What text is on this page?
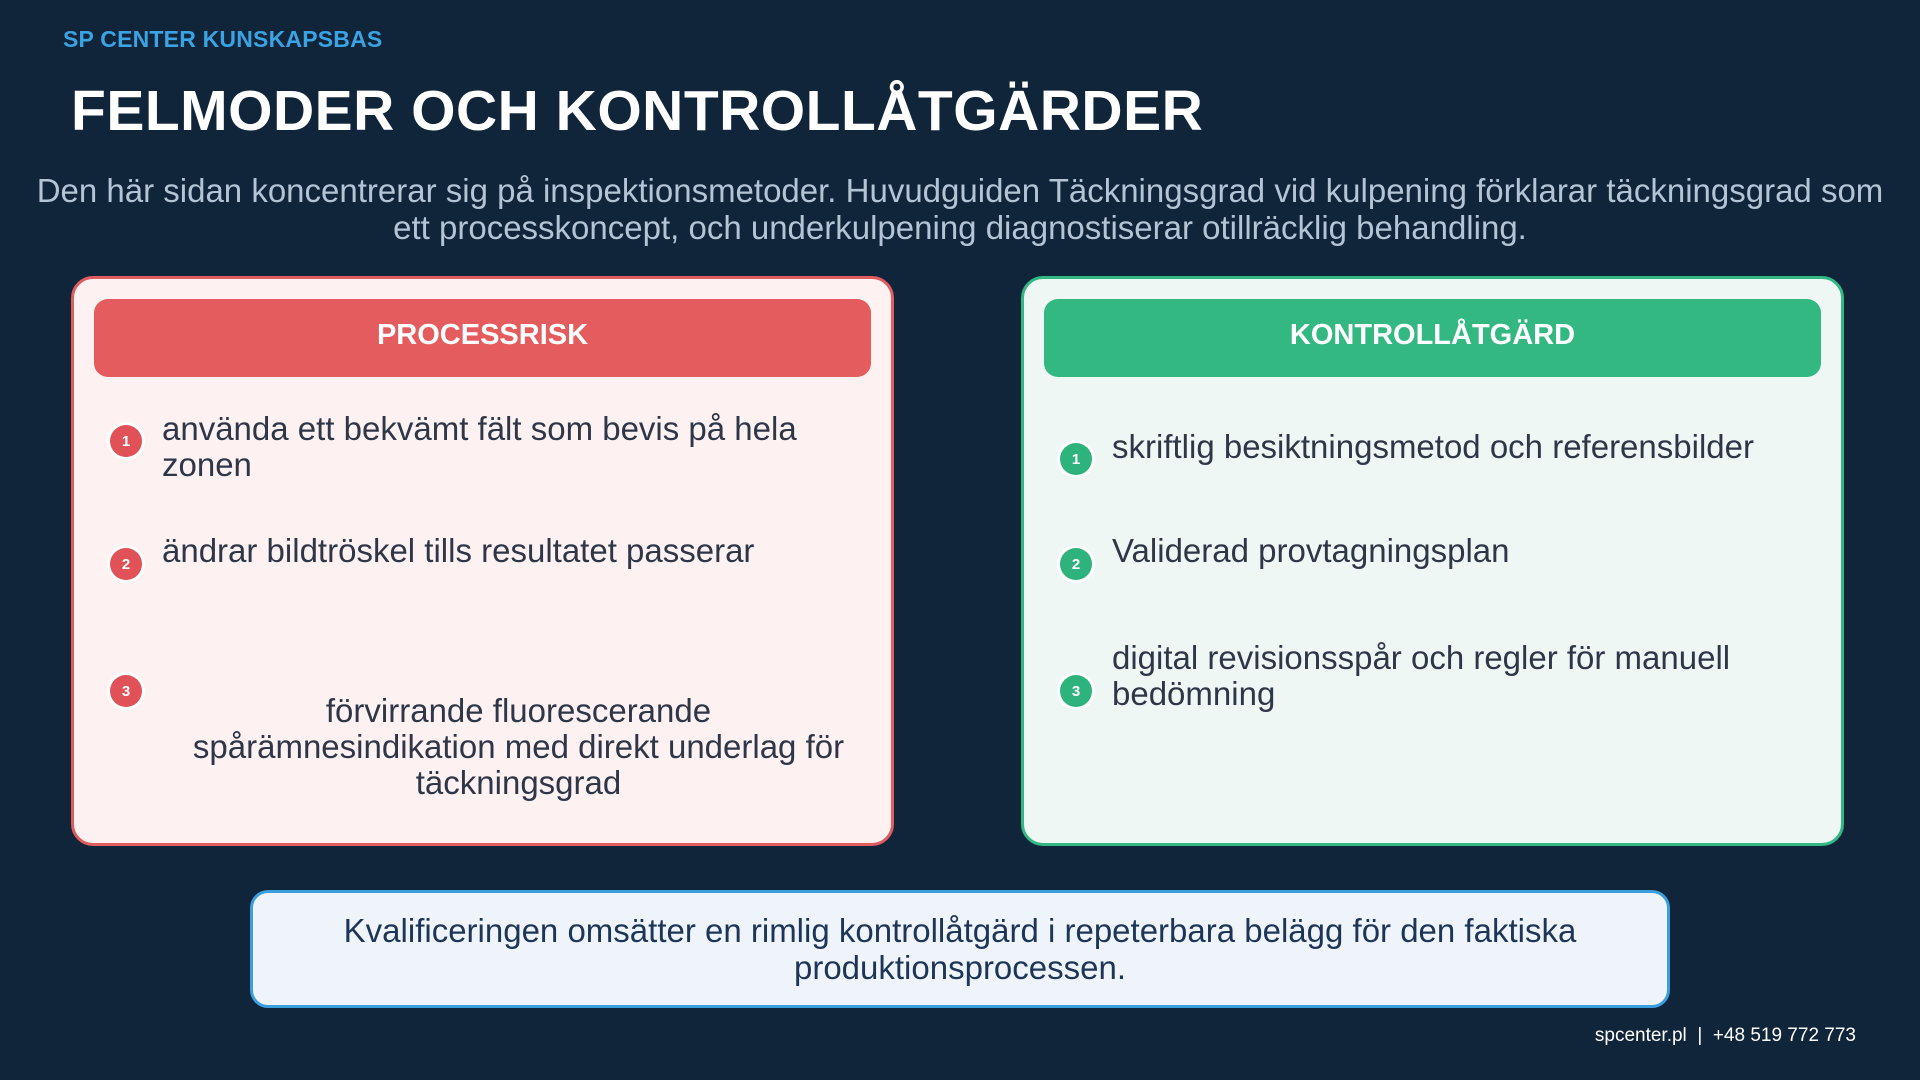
SP CENTER KUNSKAPSBAS
FELMODER OCH KONTROLLÅTGÄRDER
Den här sidan koncentrerar sig på inspektionsmetoder. Huvudguiden Täckningsgrad vid kulpening förklarar täckningsgrad som ett processkoncept, och underkulpening diagnostiserar otillräcklig behandling.
PROCESSRISK
1 använda ett bekvämt fält som bevis på hela zonen
2 ändrar bildtröskel tills resultatet passerar
3
förvirrande fluorescerande spårämnesindikation med direkt underlag för täckningsgrad
KONTROLLÅTGÄRD
1 skriftlig besiktningsmetod och referensbilder
2 Validerad provtagningsplan
3
digital revisionsspår och regler för manuell bedömning
Kvalificeringen omsätter en rimlig kontrollåtgärd i repeterbara belägg för den faktiska produktionsprocessen.
spcenter.pl  |  +48 519 772 773
